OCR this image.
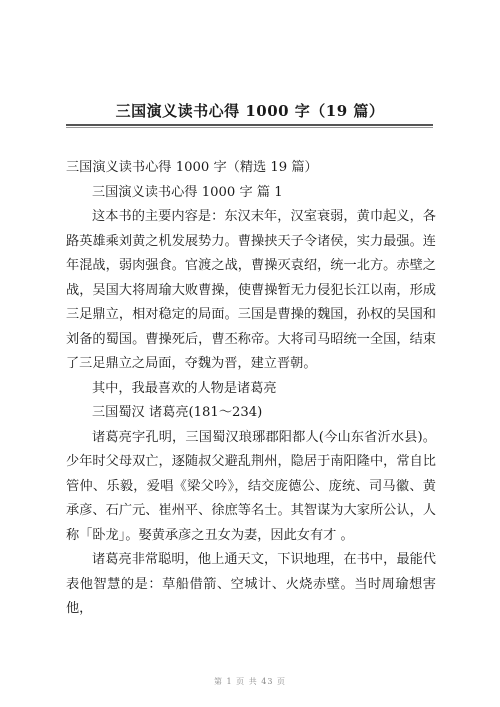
三国演义读书心得 1000 字（19 篇）

三国演义读书心得 1000 字（精选 19 篇）

三国演义读书心得 1000 字 篇 1

这本书的主要内容是：东汉末年，汉室衰弱，黄巾起义，各路英雄乘刘黄之机发展势力。曹操挟天子令诸侯，实力最强。连年混战，弱肉强食。官渡之战，曹操灭袁绍，统一北方。赤壁之战，吴国大将周瑜大败曹操，使曹操暂无力侵犯长江以南，形成三足鼎立，相对稳定的局面。三国是曹操的魏国，孙权的吴国和刘备的蜀国。曹操死后，曹丕称帝。大将司马昭统一全国，结束了三足鼎立之局面，夺魏为晋，建立晋朝。

其中，我最喜欢的人物是诸葛亮

三国蜀汉 诸葛亮(181～234)

诸葛亮字孔明，三国蜀汉琅琊郡阳都人(今山东省沂水县)。少年时父母双亡，逐随叔父避乱荆州，隐居于南阳隆中，常自比管仲、乐毅，爱唱《梁父吟》，结交庞德公、庞统、司马徽、黄承彦、石广元、崔州平、徐庶等名士。其智谋为大家所公认，人称「卧龙」。娶黄承彦之丑女为妻，因此女有才 。

诸葛亮非常聪明，他上通天文，下识地理，在书中，最能代表他智慧的是：草船借箭、空城计、火烧赤壁。当时周瑜想害他，

第 1 页 共 43 页
